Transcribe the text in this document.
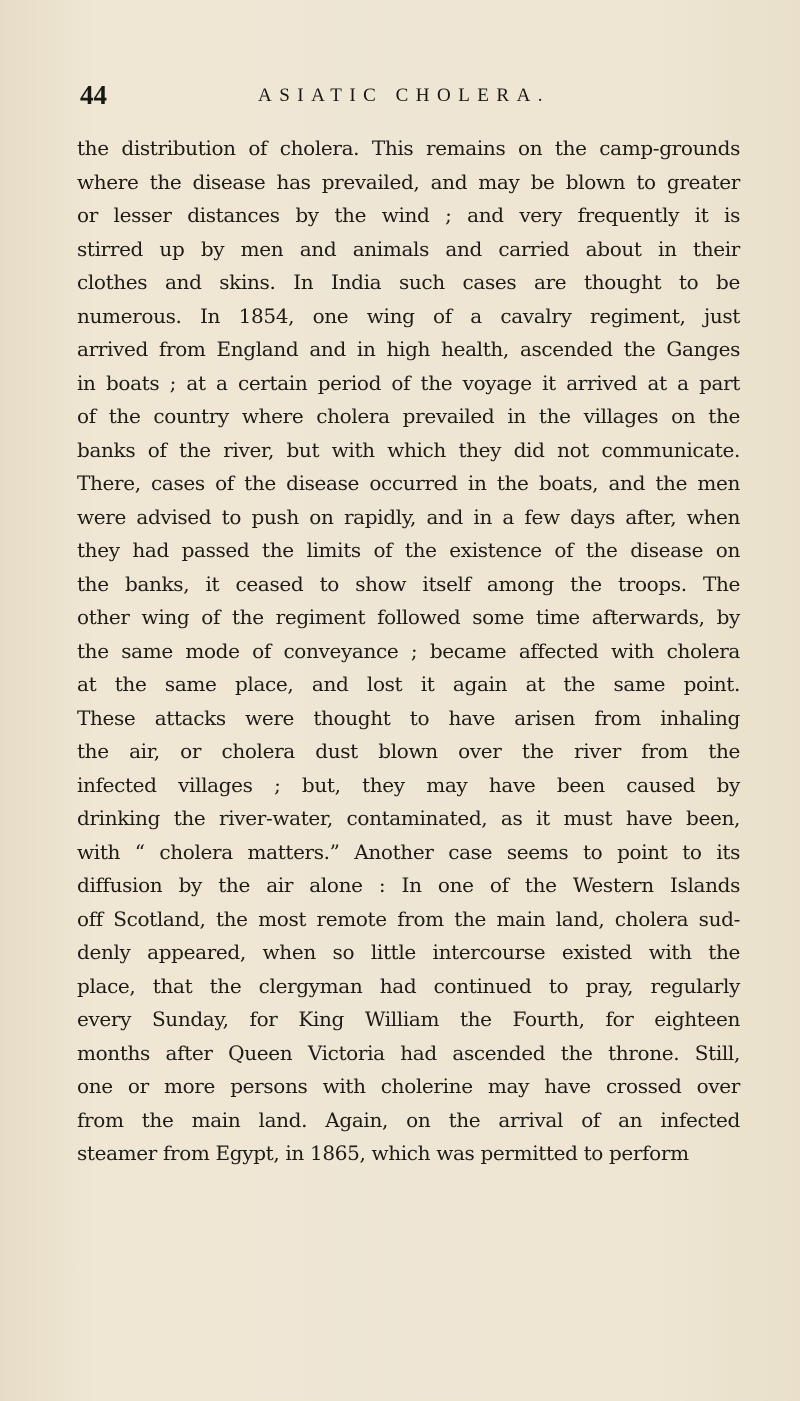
44	ASIATIC CHOLERA.
the distribution of cholera. This remains on the camp-grounds
where the disease has prevailed, and may be blown to greater
or lesser distances by the wind ; and very frequently it is
stirred up by men and animals and carried about in their
clothes and skins. In India such cases are thought to be
numerous. In 1854, one wing of a cavalry regiment, just
arrived from England and in high health, ascended the Ganges
in boats ; at a certain period of the voyage it arrived at a part
of the country where cholera prevailed in the villages on the
banks of the river, but with which they did not communicate.
There, cases of the disease occurred in the boats, and the men
were advised to push on rapidly, and in a few days after, when
they had passed the limits of the existence of the disease on
the banks, it ceased to show itself among the troops. The
other wing of the regiment followed some time afterwards, by
the same mode of conveyance ; became affected with cholera
at the same place, and lost it again at the same point.
These attacks were thought to have arisen from inhaling
the air, or cholera dust blown over the river from the
infected villages ; but, they may have been caused by
drinking the river-water, contaminated, as it must have been,
with “ cholera matters.” Another case seems to point to its
diffusion by the air alone : In one of the Western Islands
off Scotland, the most remote from the main land, cholera sud-
denly appeared, when so little intercourse existed with the
place, that the clergyman had continued to pray, regularly
every Sunday, for King William the Fourth, for eighteen
months after Queen Victoria had ascended the throne. Still,
one or more persons with cholerine may have crossed over
from the main land. Again, on the arrival of an infected
steamer from Egypt, in 1865, which was permitted to perform
